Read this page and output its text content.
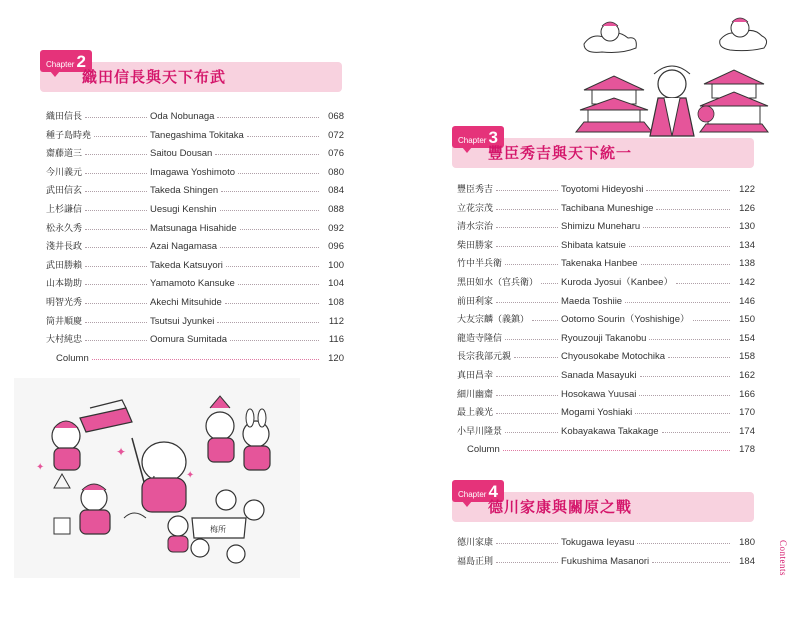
Chapter 2
織田信長與天下布武
織田信長	Oda Nobunaga	068
種子島時堯	Tanegashima Tokitaka	072
齋藤道三	Saitou Dousan	076
今川義元	Imagawa Yoshimoto	080
武田信玄	Takeda Shingen	084
上杉謙信	Uesugi Kenshin	088
松永久秀	Matsunaga Hisahide	092
淺井長政	Azai Nagamasa	096
武田勝賴	Takeda Katsuyori	100
山本勘助	Yamamoto Kansuke	104
明智光秀	Akechi Mitsuhide	108
筒井順慶	Tsutsui Jyunkei	112
大村純忠	Oomura Sumitada	116
Column	120
✦
✦
✦
梅所
Chapter 3
豐臣秀吉與天下統一
豐臣秀吉	Toyotomi Hideyoshi	122
立花宗茂	Tachibana Muneshige	126
清水宗治	Shimizu Muneharu	130
柴田勝家	Shibata katsuie	134
竹中半兵衛	Takenaka Hanbee	138
黑田如水（官兵衛） Kuroda Jyosui（Kanbee）	142
前田利家	Maeda Toshiie	146
大友宗麟（義鎮）	Ootomo Sourin（Yoshishige）	150
龍造寺隆信	Ryouzouji Takanobu	154
長宗我部元親	Chyousokabe Motochika	158
真田昌幸	Sanada Masayuki	162
細川幽齋	Hosokawa Yuusai	166
最上義光	Mogami Yoshiaki	170
小早川隆景	Kobayakawa Takakage	174
Column	178
Chapter 4
德川家康與關原之戰
德川家康	Tokugawa Ieyasu	180
福島正則	Fukushima Masanori	184	Contents
